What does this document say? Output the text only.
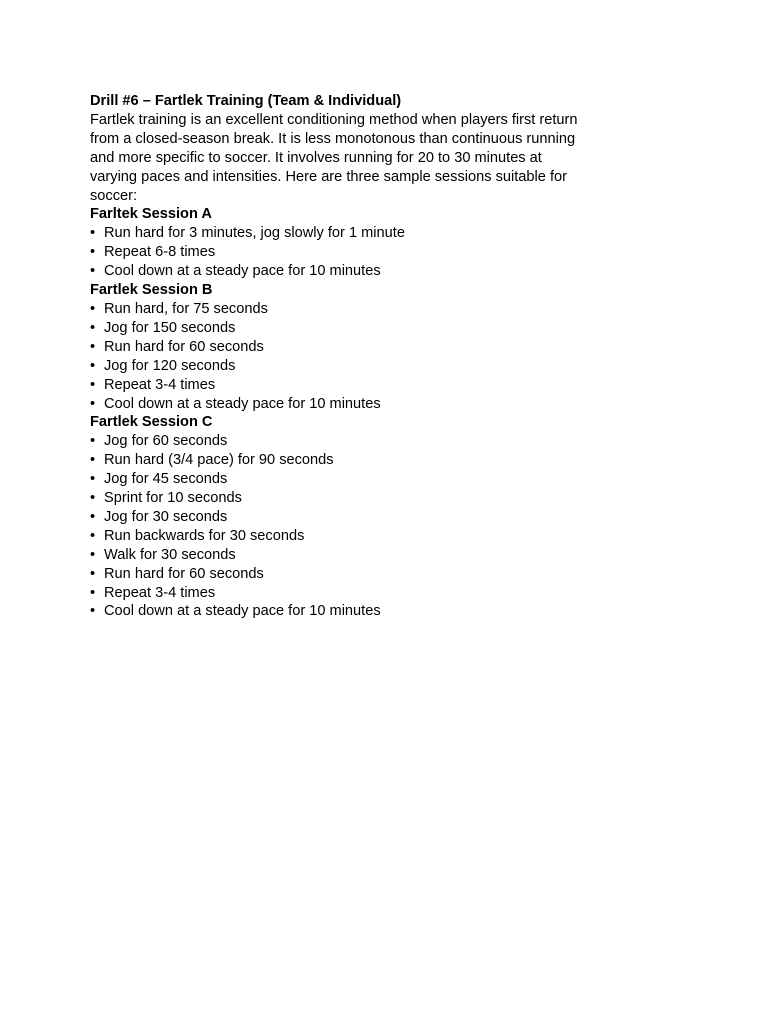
Drill #6 – Fartlek Training (Team & Individual)

Fartlek training is an excellent conditioning method when players first return
from a closed-season break. It is less monotonous than continuous running
and more specific to soccer. It involves running for 20 to 30 minutes at
varying paces and intensities. Here are three sample sessions suitable for
soccer:

Farltek Session A

• Run hard for 3 minutes, jog slowly for 1 minute
• Repeat 6-8 times
• Cool down at a steady pace for 10 minutes

Fartlek Session B

• Run hard, for 75 seconds
• Jog for 150 seconds
• Run hard for 60 seconds
• Jog for 120 seconds
• Repeat 3-4 times
• Cool down at a steady pace for 10 minutes

Fartlek Session C

• Jog for 60 seconds
• Run hard (3/4 pace) for 90 seconds
• Jog for 45 seconds
• Sprint for 10 seconds
• Jog for 30 seconds
• Run backwards for 30 seconds
• Walk for 30 seconds
• Run hard for 60 seconds
• Repeat 3-4 times
• Cool down at a steady pace for 10 minutes
